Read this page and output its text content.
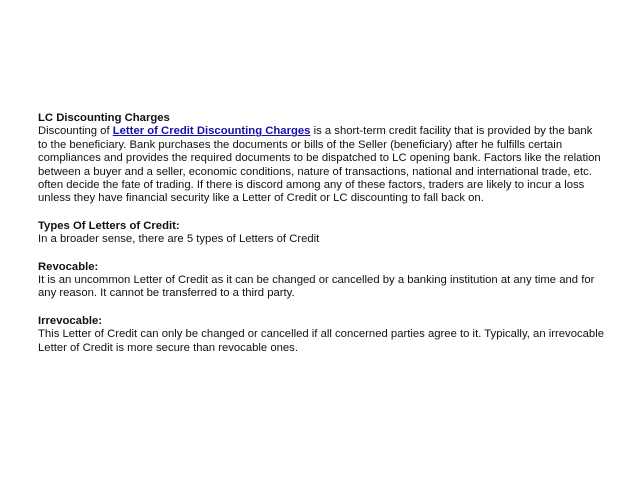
LC Discounting Charges

Discounting of Letter of Credit Discounting Charges is a short-term credit facility that is provided by the bank to the beneficiary. Bank purchases the documents or bills of the Seller (beneficiary) after he fulfills certain compliances and provides the required documents to be dispatched to LC opening bank. Factors like the relation between a buyer and a seller, economic conditions, nature of transactions, national and international trade, etc. often decide the fate of trading. If there is discord among any of these factors, traders are likely to incur a loss unless they have financial security like a Letter of Credit or LC discounting to fall back on.

Types Of Letters of Credit:

In a broader sense, there are 5 types of Letters of Credit

Revocable:

It is an uncommon Letter of Credit as it can be changed or cancelled by a banking institution at any time and for any reason. It cannot be transferred to a third party.

Irrevocable:

This Letter of Credit can only be changed or cancelled if all concerned parties agree to it. Typically, an irrevocable Letter of Credit is more secure than revocable ones.
